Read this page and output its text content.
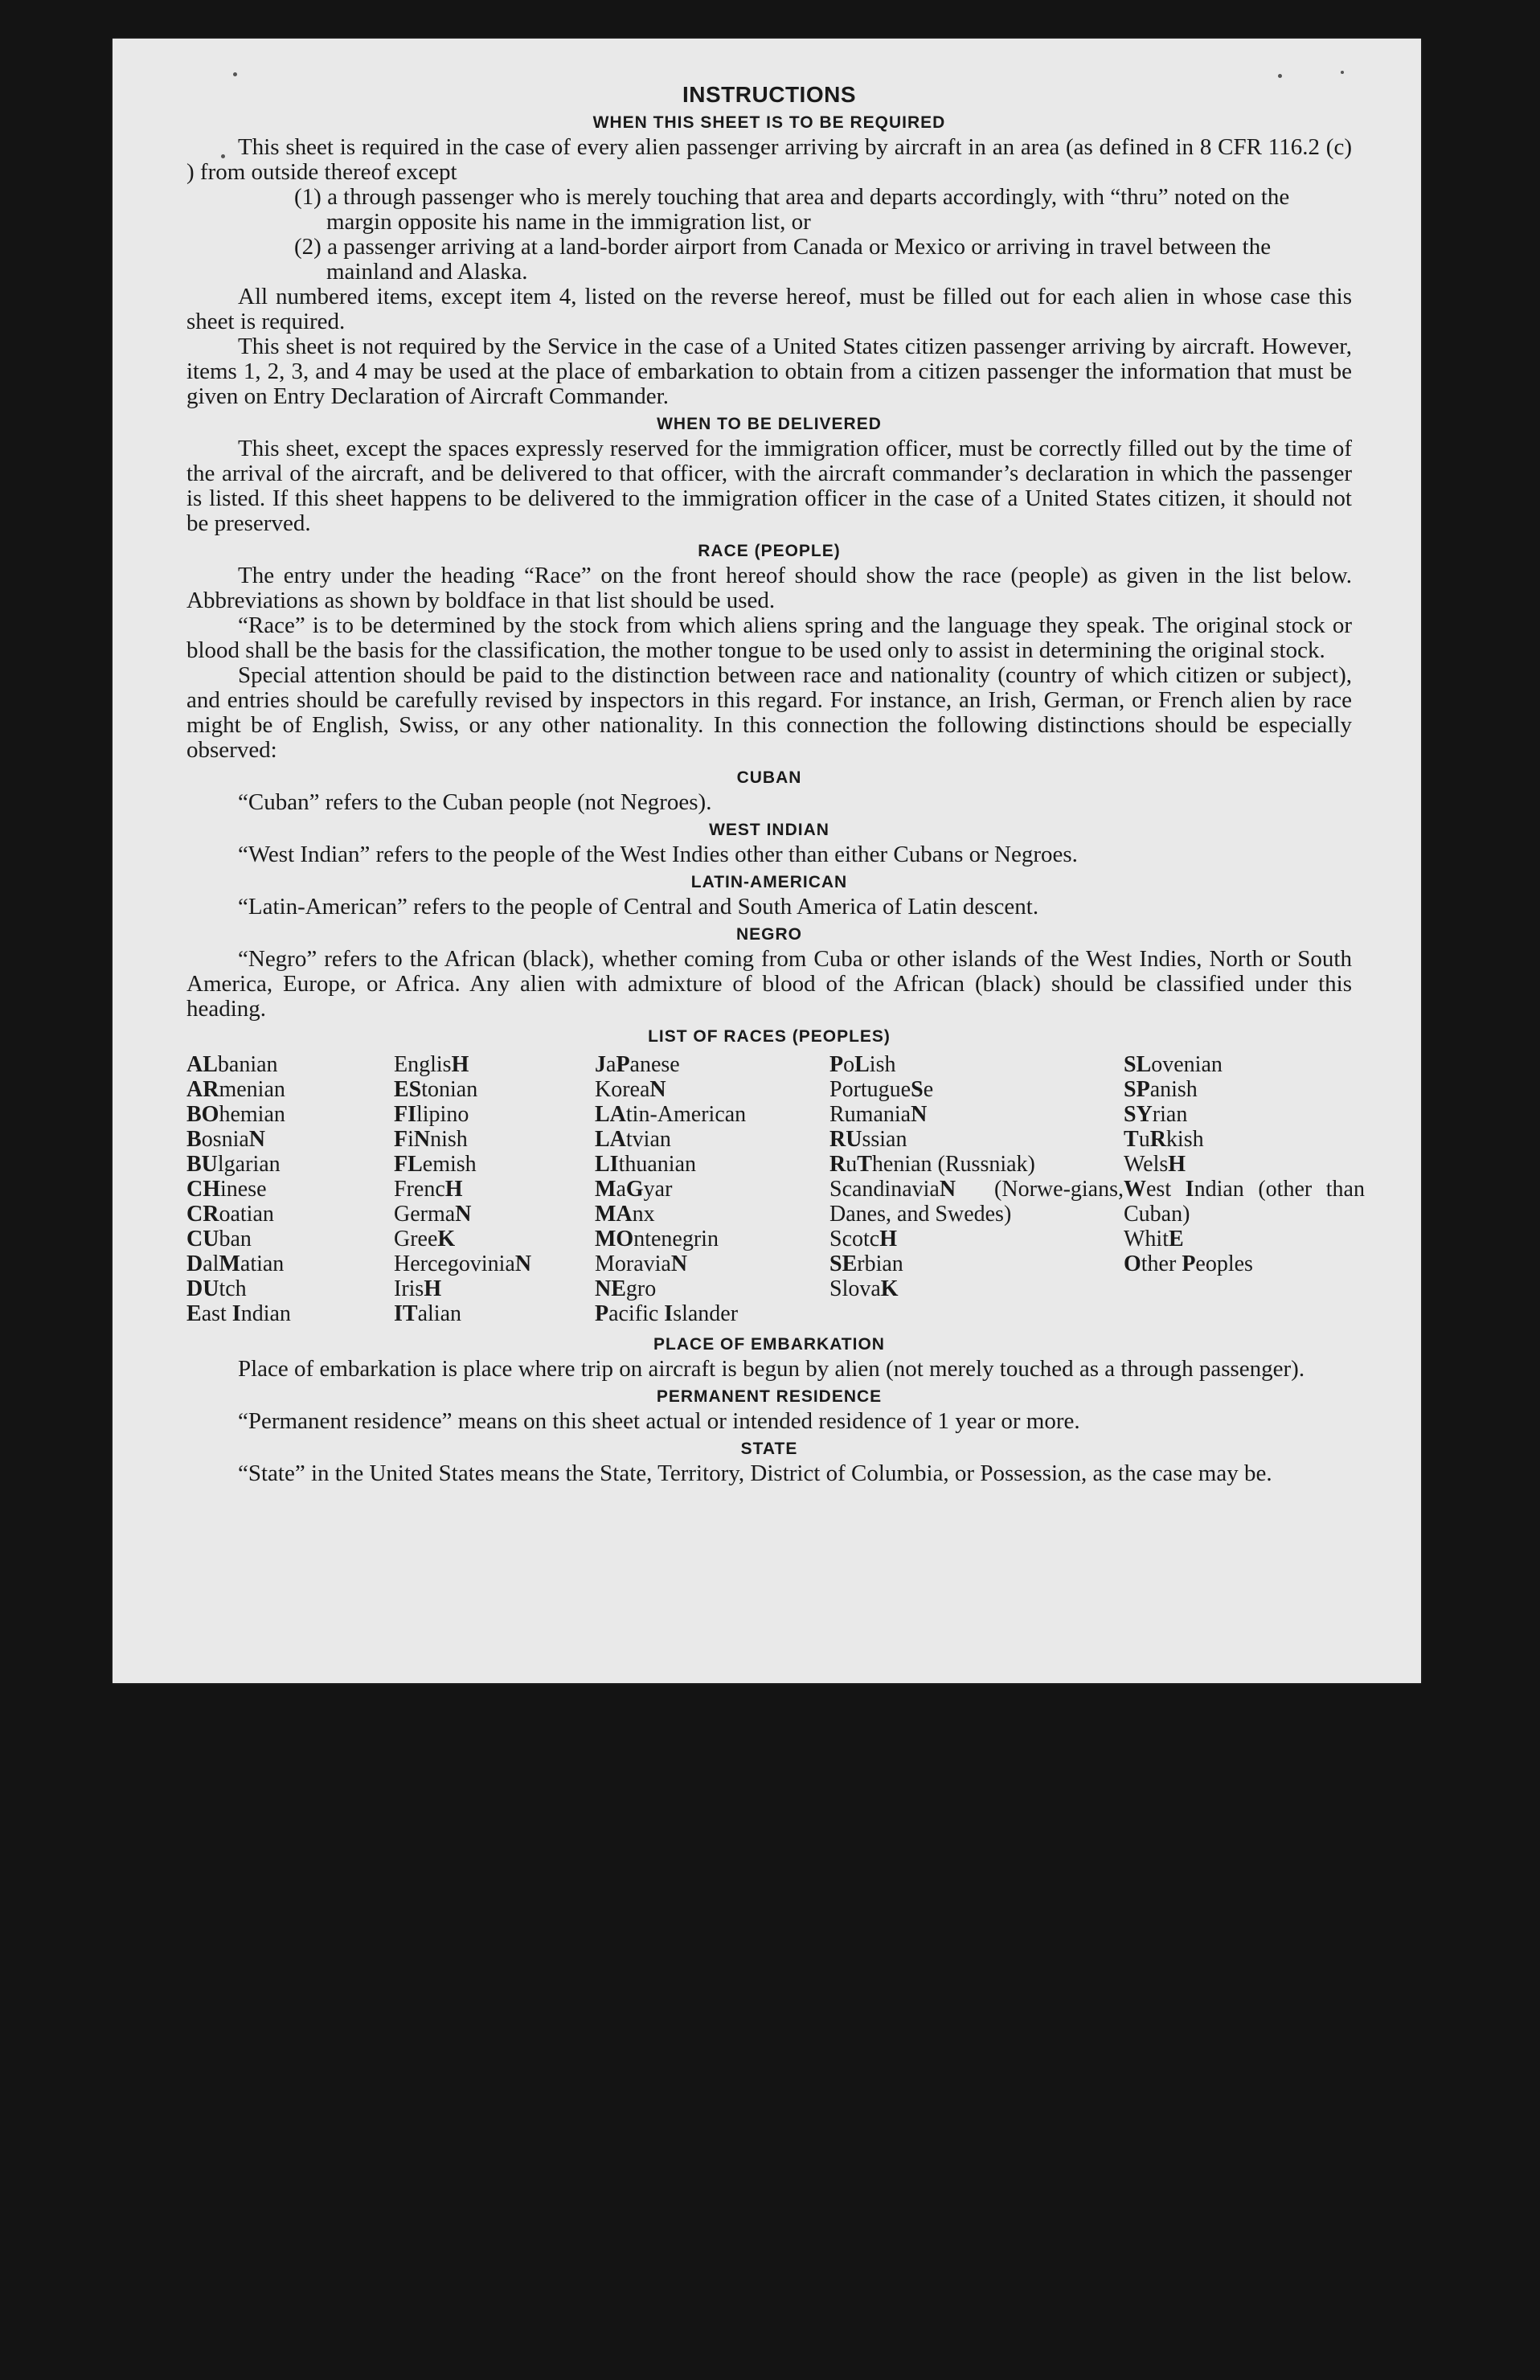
INSTRUCTIONS
WHEN THIS SHEET IS TO BE REQUIRED

This sheet is required in the case of every alien passenger arriving by aircraft in an area (as defined in 8 CFR 116.2 (c) ) from outside thereof except

(1) a through passenger who is merely touching that area and departs accordingly, with “thru” noted on the margin opposite his name in the immigration list, or

(2) a passenger arriving at a land-border airport from Canada or Mexico or arriving in travel between the mainland and Alaska.

All numbered items, except item 4, listed on the reverse hereof, must be filled out for each alien in whose case this sheet is required.

This sheet is not required by the Service in the case of a United States citizen passenger arriving by aircraft. However, items 1, 2, 3, and 4 may be used at the place of embarkation to obtain from a citizen passenger the information that must be given on Entry Declaration of Aircraft Commander.

WHEN TO BE DELIVERED

This sheet, except the spaces expressly reserved for the immigration officer, must be correctly filled out by the time of the arrival of the aircraft, and be delivered to that officer, with the aircraft commander’s declaration in which the passenger is listed. If this sheet happens to be delivered to the immigration officer in the case of a United States citizen, it should not be preserved.

RACE (PEOPLE)

The entry under the heading “Race” on the front hereof should show the race (people) as given in the list below. Abbreviations as shown by boldface in that list should be used.

“Race” is to be determined by the stock from which aliens spring and the language they speak. The original stock or blood shall be the basis for the classification, the mother tongue to be used only to assist in determining the original stock.

Special attention should be paid to the distinction between race and nationality (country of which citizen or subject), and entries should be carefully revised by inspectors in this regard. For instance, an Irish, German, or French alien by race might be of English, Swiss, or any other nationality. In this connection the following distinctions should be especially observed:

CUBAN

“Cuban” refers to the Cuban people (not Negroes).

WEST INDIAN

“West Indian” refers to the people of the West Indies other than either Cubans or Negroes.

LATIN-AMERICAN

“Latin-American” refers to the people of Central and South America of Latin descent.

NEGRO

“Negro” refers to the African (black), whether coming from Cuba or other islands of the West Indies, North or South America, Europe, or Africa. Any alien with admixture of blood of the African (black) should be classified under this heading.

LIST OF RACES (PEOPLES)
ALbanian
ARmenian
BOhemian
BosniaN
BUlgarian
CHinese
CRoatian
CUban
DalMatian
DUtch
East Indian
EnglisH
EStonian
FIlipino
FiNnish
FLemish
FrencH
GermaN
GreeK
HercegoviniaN
IrisH
ITalian
JaPanese
KoreaN
LAtin-American
LAtvian
LIthuanian
MaGyar
MAnx
MOntenegrin
MoraviaN
NEgro
Pacific Islander
PoLish
PortugueSe
RumaniaN
RUssian
RuThenian (Russniak)
ScandinaviaN (Norwe-gians, Danes, and Swedes)
ScotcH
SErbian
SlovaK
SLovenian
SPanish
SYrian
TuRkish
WelsH
West Indian (other than Cuban)
WhitE
Other Peoples
PLACE OF EMBARKATION

Place of embarkation is place where trip on aircraft is begun by alien (not merely touched as a through passenger).

PERMANENT RESIDENCE

“Permanent residence” means on this sheet actual or intended residence of 1 year or more.

STATE

“State” in the United States means the State, Territory, District of Columbia, or Possession, as the case may be.
